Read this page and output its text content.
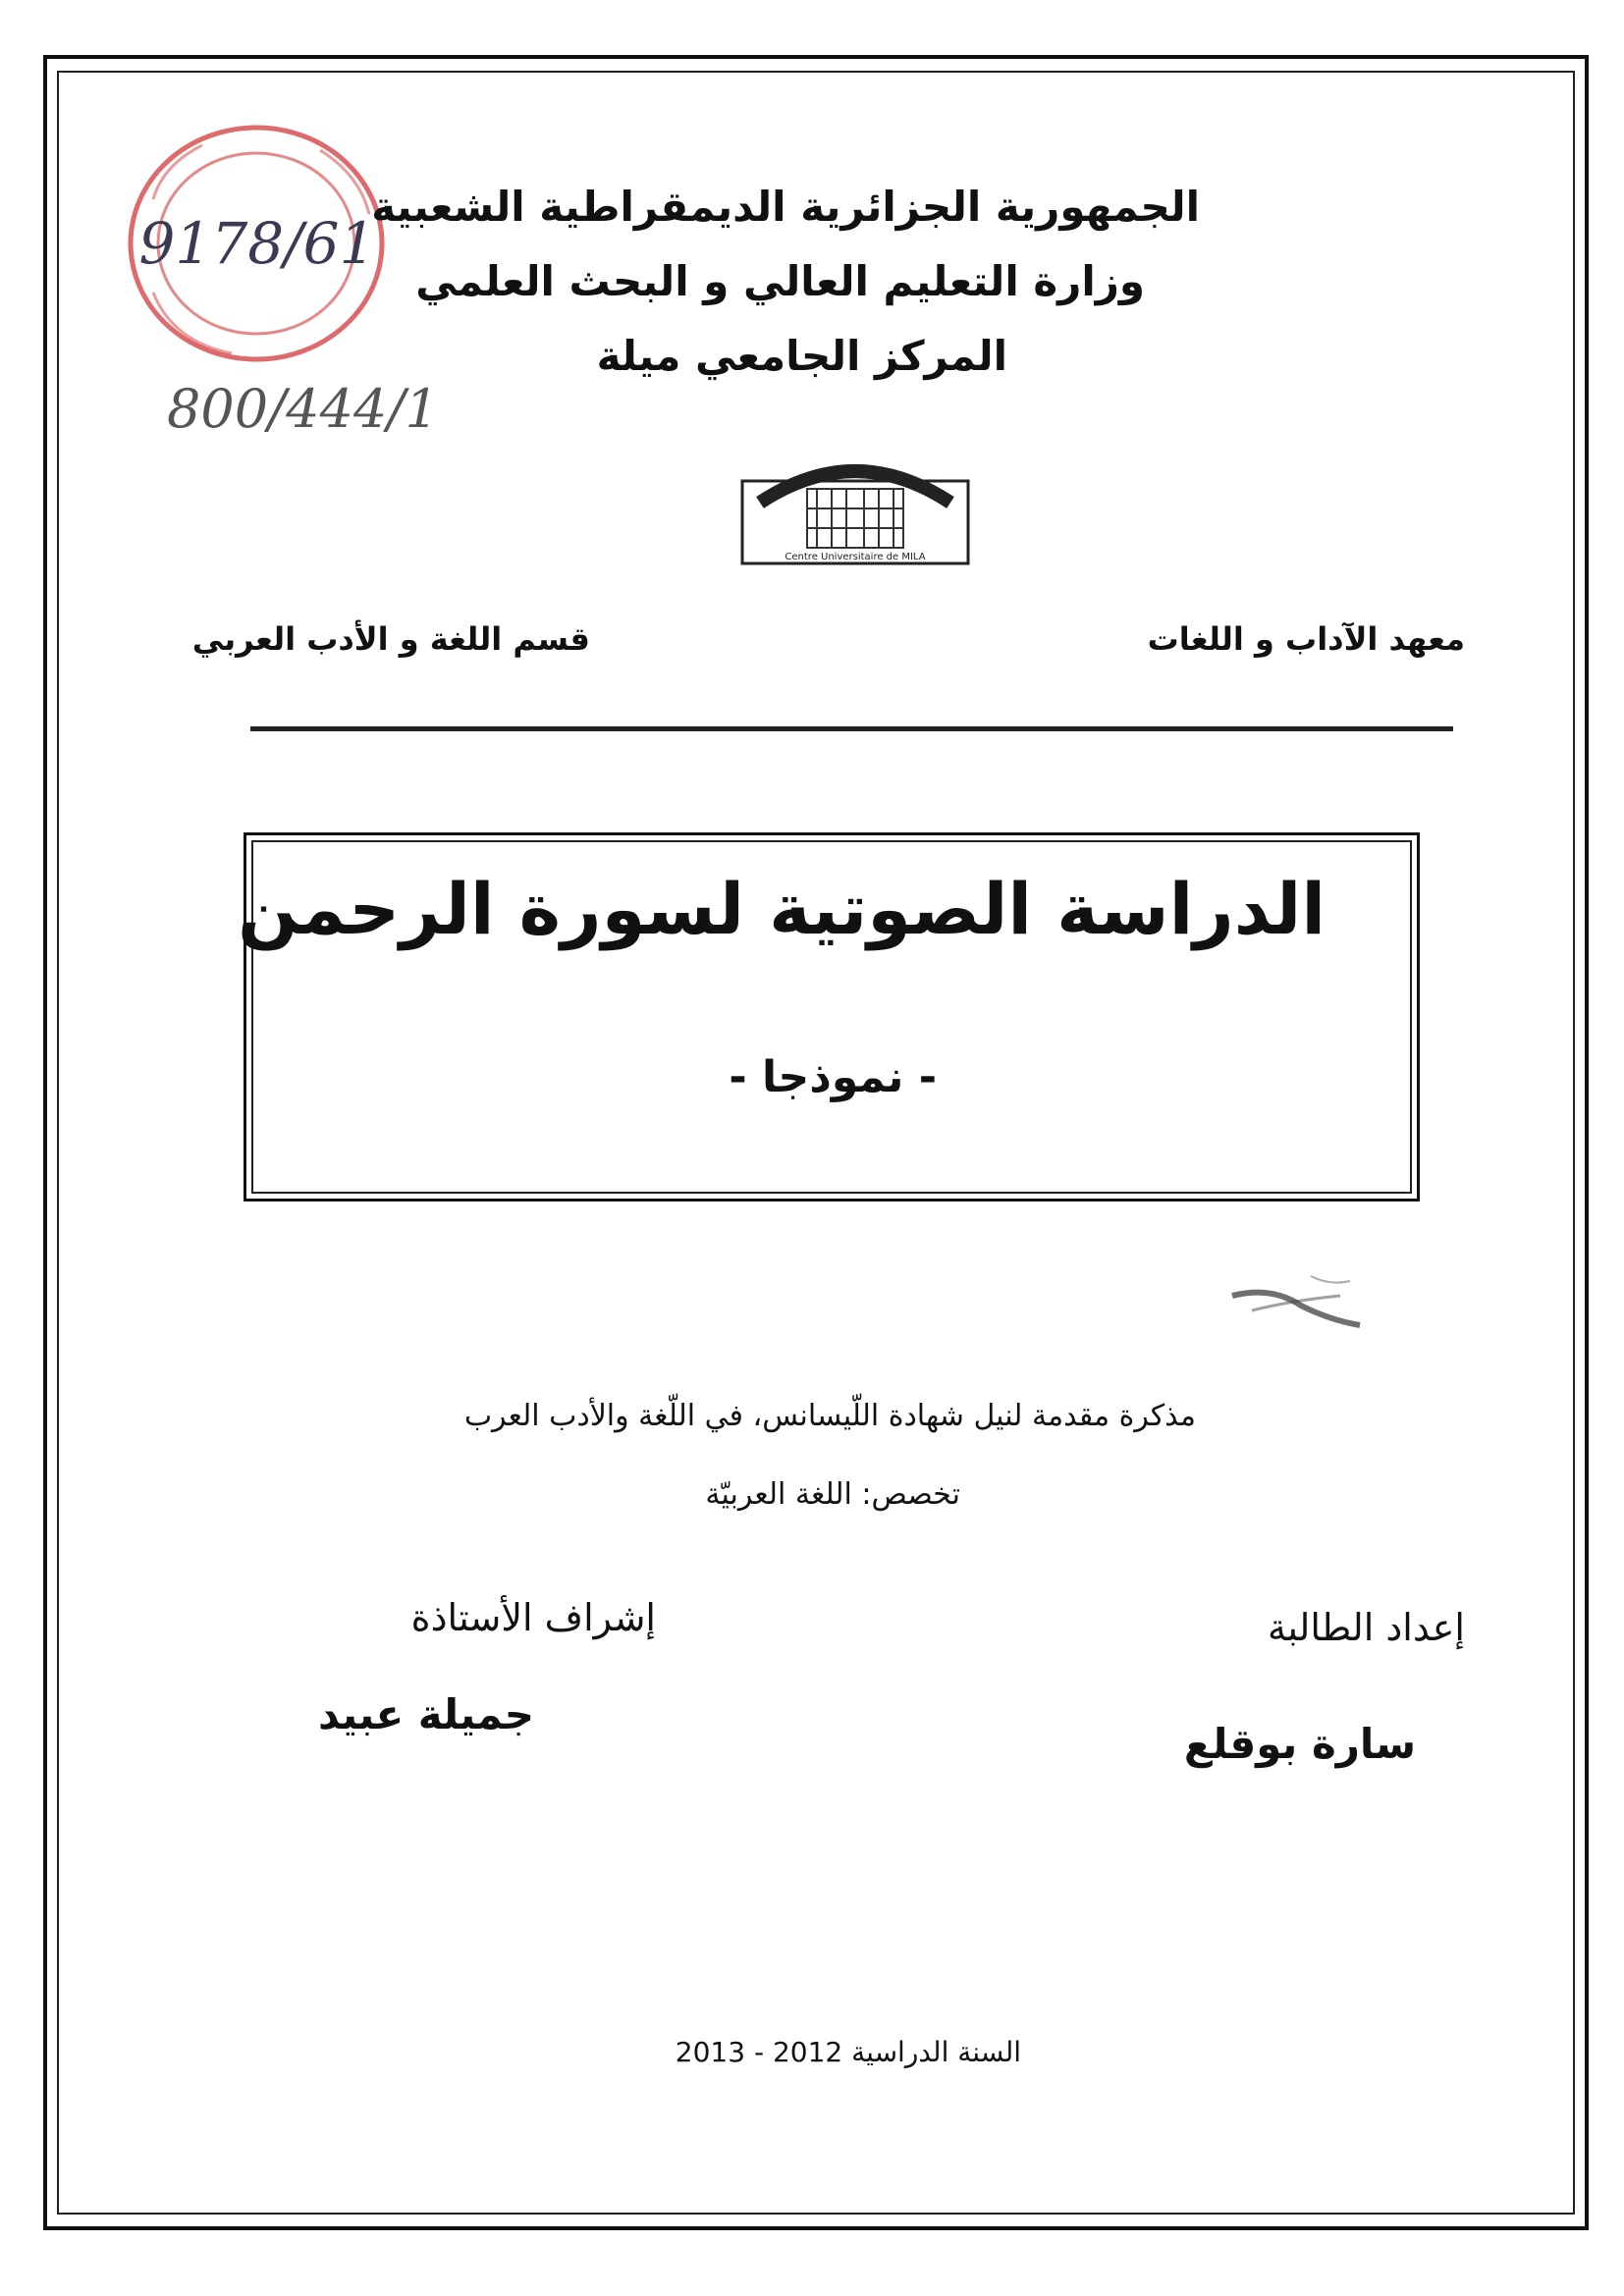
9178/61
800/444/1
الجمهورية الجزائرية الديمقراطية الشعبية
وزارة التعليم العالي و البحث العلمي
المركز الجامعي ميلة
Centre Universitaire de MILA
قسم اللغة و الأدب العربي	معهد الآداب و اللغات
الدراسة الصوتية لسورة الرحمن
- نموذجا -
مذكرة مقدمة لنيل شهادة اللّيسانس، في اللّغة والأدب العرب
تخصص: اللغة العربيّة
إشراف الأستاذة
جميلة عبيد
إعداد الطالبة
سارة بوقلع
السنة الدراسية 2012 - 2013
